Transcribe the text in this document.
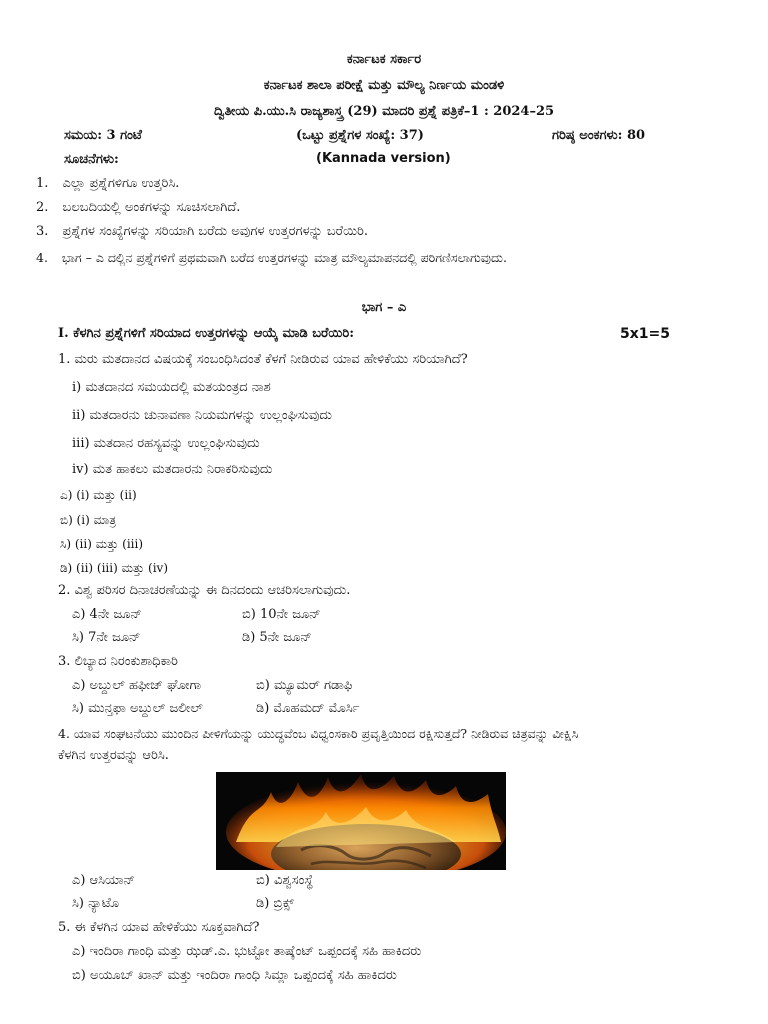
ಕರ್ನಾಟಕ ಸರ್ಕಾರ
ಕರ್ನಾಟಕ ಶಾಲಾ ಪರೀಕ್ಷೆ ಮತ್ತು ಮೌಲ್ಯ ನಿರ್ಣಯ ಮಂಡಳಿ
ದ್ವಿತೀಯ ಪಿ.ಯು.ಸಿ ರಾಜ್ಯಶಾಸ್ತ್ರ (29) ಮಾದರಿ ಪ್ರಶ್ನೆ ಪತ್ರಿಕೆ–1 : 2024–25
ಸಮಯ: 3 ಗಂಟೆ	(ಒಟ್ಟು ಪ್ರಶ್ನೆಗಳ ಸಂಖ್ಯೆ: 37)	ಗರಿಷ್ಠ ಅಂಕಗಳು: 80
ಸೂಚನೆಗಳು:	(Kannada version)
1. ಎಲ್ಲಾ ಪ್ರಶ್ನೆಗಳಿಗೂ ಉತ್ತರಿಸಿ.
2. ಬಲಬದಿಯಲ್ಲಿ ಅಂಕಗಳನ್ನು ಸೂಚಿಸಲಾಗಿದೆ.
3. ಪ್ರಶ್ನೆಗಳ ಸಂಖ್ಯೆಗಳನ್ನು ಸರಿಯಾಗಿ ಬರೆದು ಅವುಗಳ ಉತ್ತರಗಳನ್ನು ಬರೆಯಿರಿ.
4. ಭಾಗ – ಎ ದಲ್ಲಿನ ಪ್ರಶ್ನೆಗಳಿಗೆ ಪ್ರಥಮವಾಗಿ ಬರೆದ ಉತ್ತರಗಳನ್ನು ಮಾತ್ರ ಮೌಲ್ಯಮಾಪನದಲ್ಲಿ ಪರಿಗಣಿಸಲಾಗುವುದು.
ಭಾಗ – ಎ
I. ಕೆಳಗಿನ ಪ್ರಶ್ನೆಗಳಿಗೆ ಸರಿಯಾದ ಉತ್ತರಗಳನ್ನು ಆಯ್ಕೆ ಮಾಡಿ ಬರೆಯಿರಿ:	5x1=5
1. ಮರು ಮತದಾನದ ವಿಷಯಕ್ಕೆ ಸಂಬಂಧಿಸಿದಂತೆ ಕೆಳಗೆ ನೀಡಿರುವ ಯಾವ ಹೇಳಿಕೆಯು ಸರಿಯಾಗಿದೆ?
i) ಮತದಾನದ ಸಮಯದಲ್ಲಿ ಮತಯಂತ್ರದ ನಾಶ
ii) ಮತದಾರನು ಚುನಾವಣಾ ನಿಯಮಗಳನ್ನು ಉಲ್ಲಂಘಿಸುವುದು
iii) ಮತದಾನ ರಹಸ್ಯವನ್ನು ಉಲ್ಲಂಘಿಸುವುದು
iv) ಮತ ಹಾಕಲು ಮತದಾರನು ನಿರಾಕರಿಸುವುದು
ಎ) (i) ಮತ್ತು (ii)
ಬಿ) (i) ಮಾತ್ರ
ಸಿ) (ii) ಮತ್ತು (iii)
ಡಿ) (ii) (iii) ಮತ್ತು (iv)
2. ವಿಶ್ವ ಪರಿಸರ ದಿನಾಚರಣೆಯನ್ನು ಈ ದಿನದಂದು ಆಚರಿಸಲಾಗುವುದು.
ಎ) 4ನೇ ಜೂನ್	ಬಿ) 10ನೇ ಜೂನ್
ಸಿ) 7ನೇ ಜೂನ್	ಡಿ) 5ನೇ ಜೂನ್
3. ಲಿಬ್ಯಾದ ನಿರಂಕುಶಾಧಿಕಾರಿ
ಎ) ಅಬ್ದುಲ್ ಹಫೀಜ್ ಘೋಗಾ	ಬಿ) ಮ್ಯೂಮರ್ ಗಡಾಫಿ
ಸಿ) ಮುನ್ತಫಾ ಅಬ್ದುಲ್ ಜಲೀಲ್	ಡಿ) ಮೊಹಮದ್ ಮೊರ್ಸಿ
4. ಯಾವ ಸಂಘಟನೆಯು ಮುಂದಿನ ಪೀಳಿಗೆಯನ್ನು ಯುದ್ಧವೆಂಬ ವಿಧ್ವಂಸಕಾರಿ ಪ್ರವೃತ್ತಿಯಿಂದ ರಕ್ಷಿಸುತ್ತದೆ? ನೀಡಿರುವ ಚಿತ್ರವನ್ನು ವೀಕ್ಷಿಸಿ
ಕೆಳಗಿನ ಉತ್ತರವನ್ನು ಆರಿಸಿ.
ಎ) ಆಸಿಯಾನ್	ಬಿ) ವಿಶ್ವಸಂಸ್ಥೆ
ಸಿ) ನ್ಯಾಟೊ	ಡಿ) ಬ್ರಿಕ್ಸ್
5. ಈ ಕೆಳಗಿನ ಯಾವ ಹೇಳಿಕೆಯು ಸೂಕ್ತವಾಗಿದೆ?
ಎ) ಇಂದಿರಾ ಗಾಂಧಿ ಮತ್ತು ಝಡ್.ಎ. ಭುಟ್ಟೋ ತಾಷ್ಕೆಂಟ್ ಒಪ್ಪಂದಕ್ಕೆ ಸಹಿ ಹಾಕಿದರು
ಬಿ) ಅಯೂಬ್ ಖಾನ್ ಮತ್ತು ಇಂದಿರಾ ಗಾಂಧಿ ಸಿಮ್ಲಾ ಒಪ್ಪಂದಕ್ಕೆ ಸಹಿ ಹಾಕಿದರು
